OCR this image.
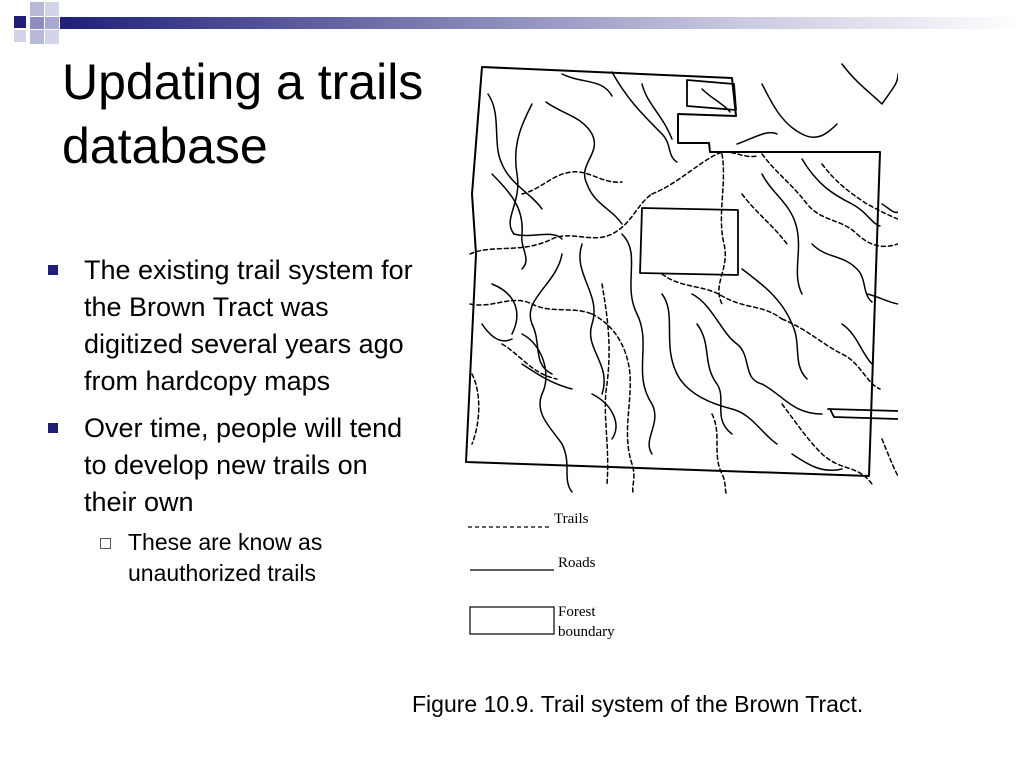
Updating a trails database
The existing trail system for the Brown Tract was digitized several years ago from hardcopy maps
Over time, people will tend to develop new trails on their own
These are know as unauthorized trails
Trails
Roads
Forest
boundary
Figure 10.9. Trail system of the Brown Tract.
